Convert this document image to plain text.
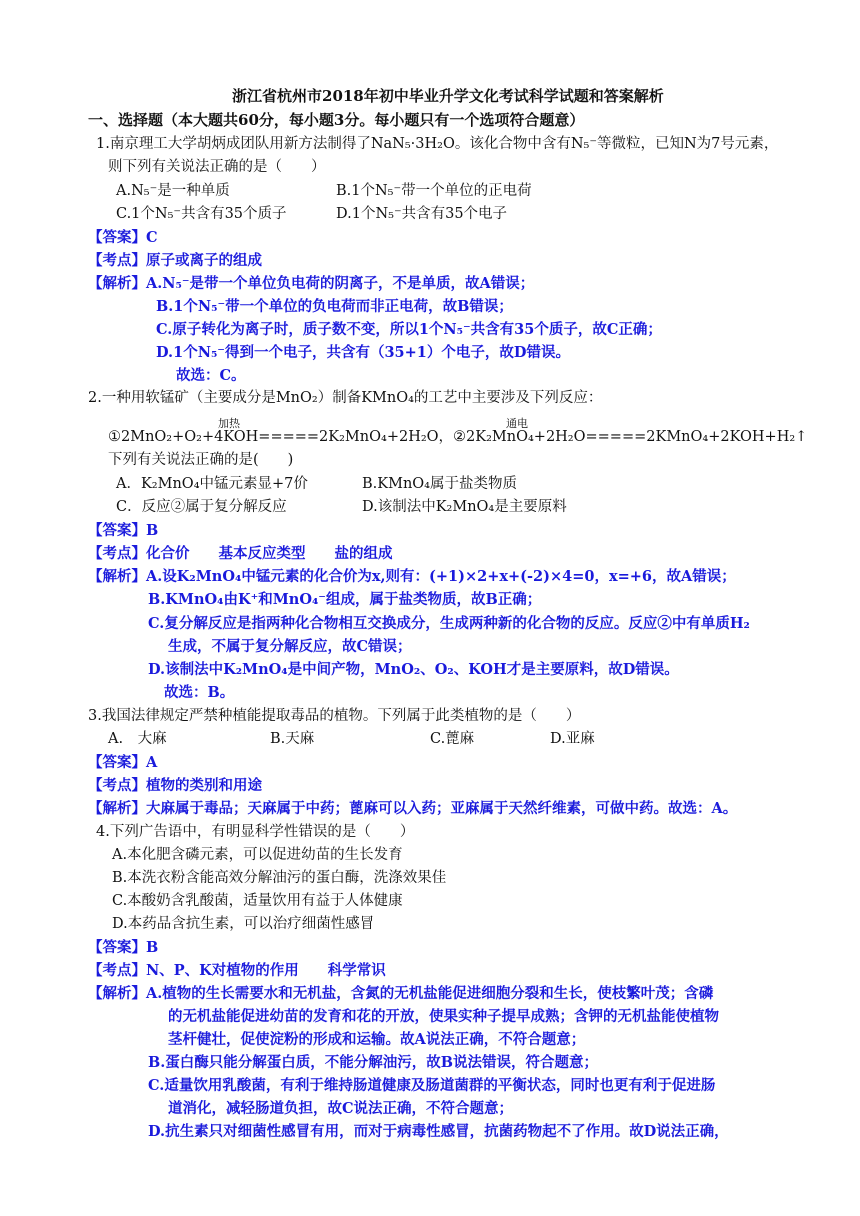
浙江省杭州市2018年初中毕业升学文化考试科学试题和答案解析
一、选择题（本大题共60分，每小题3分。每小题只有一个选项符合题意）
1.南京理工大学胡炳成团队用新方法制得了NaN₅·3H₂O。该化合物中含有N₅⁻等微粒，已知N为7号元素，
则下列有关说法正确的是（　　）
A.N₅⁻是一种单质	B.1个N₅⁻带一个单位的正电荷
C.1个N₅⁻共含有35个质子	D.1个N₅⁻共含有35个电子
【答案】C
【考点】原子或离子的组成
【解析】A.N₅⁻是带一个单位负电荷的阴离子，不是单质，故A错误；
B.1个N₅⁻带一个单位的负电荷而非正电荷，故B错误；
C.原子转化为离子时，质子数不变，所以1个N₅⁻共含有35个质子，故C正确；
D.1个N₅⁻得到一个电子，共含有（35+1）个电子，故D错误。
故选：C。
2.一种用软锰矿（主要成分是MnO₂）制备KMnO₄的工艺中主要涉及下列反应：
加热	通电
①2MnO₂+O₂+4KOH=====2K₂MnO₄+2H₂O，②2K₂MnO₄+2H₂O=====2KMnO₄+2KOH+H₂↑
下列有关说法正确的是(　　)
A．K₂MnO₄中锰元素显+7价	B.KMnO₄属于盐类物质
C．反应②属于复分解反应	D.该制法中K₂MnO₄是主要原料
【答案】B
【考点】化合价　　基本反应类型　　盐的组成
【解析】A.设K₂MnO₄中锰元素的化合价为x,则有：(+1)×2+x+(-2)×4=0，x=+6，故A错误；
B.KMnO₄由K⁺和MnO₄⁻组成，属于盐类物质，故B正确；
C.复分解反应是指两种化合物相互交换成分，生成两种新的化合物的反应。反应②中有单质H₂
生成，不属于复分解反应，故C错误；
D.该制法中K₂MnO₄是中间产物，MnO₂、O₂、KOH才是主要原料，故D错误。
故选：B。
3.我国法律规定严禁种植能提取毒品的植物。下列属于此类植物的是（　　）
A.　大麻	B.天麻	C.蓖麻	D.亚麻
【答案】A
【考点】植物的类别和用途
【解析】大麻属于毒品；天麻属于中药；蓖麻可以入药；亚麻属于天然纤维素，可做中药。故选：A。
4.下列广告语中，有明显科学性错误的是（　　）
A.本化肥含磷元素，可以促进幼苗的生长发育
B.本洗衣粉含能高效分解油污的蛋白酶，洗涤效果佳
C.本酸奶含乳酸菌，适量饮用有益于人体健康
D.本药品含抗生素，可以治疗细菌性感冒
【答案】B
【考点】N、P、K对植物的作用　　科学常识
【解析】A.植物的生长需要水和无机盐，含氮的无机盐能促进细胞分裂和生长，使枝繁叶茂；含磷
的无机盐能促进幼苗的发育和花的开放，使果实种子提早成熟；含钾的无机盐能使植物
茎杆健壮，促使淀粉的形成和运输。故A说法正确，不符合题意；
B.蛋白酶只能分解蛋白质，不能分解油污，故B说法错误，符合题意；
C.适量饮用乳酸菌，有利于维持肠道健康及肠道菌群的平衡状态，同时也更有利于促进肠
道消化，减轻肠道负担，故C说法正确，不符合题意；
D.抗生素只对细菌性感冒有用，而对于病毒性感冒，抗菌药物起不了作用。故D说法正确，
